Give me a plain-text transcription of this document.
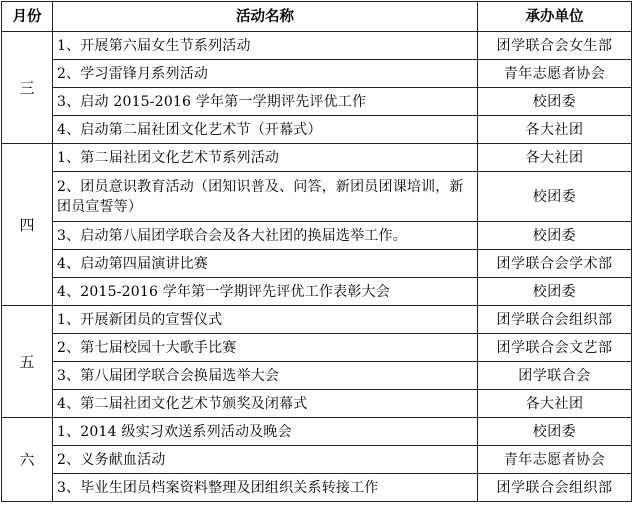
月份	活动名称	承办单位
三	1、开展第六届女生节系列活动	团学联合会女生部
	2、学习雷锋月系列活动	青年志愿者协会
	3、启动 2015-2016 学年第一学期评先评优工作	校团委
	4、启动第二届社团文化艺术节（开幕式）	各大社团
四	1、第二届社团文化艺术节系列活动	各大社团
	2、团员意识教育活动（团知识普及、问答，新团员团课培训，新团员宣誓等）	校团委
	3、启动第八届团学联合会及各大社团的换届选举工作。	校团委
	4、启动第四届演讲比赛	团学联合会学术部
	4、2015-2016 学年第一学期评先评优工作表彰大会	校团委
五	1、开展新团员的宣誓仪式	团学联合会组织部
	2、第七届校园十大歌手比赛	团学联合会文艺部
	3、第八届团学联合会换届选举大会	团学联合会
	4、第二届社团文化艺术节颁奖及闭幕式	各大社团
六	1、2014 级实习欢送系列活动及晚会	校团委
	2、义务献血活动	青年志愿者协会
	3、毕业生团员档案资料整理及团组织关系转接工作	团学联合会组织部
